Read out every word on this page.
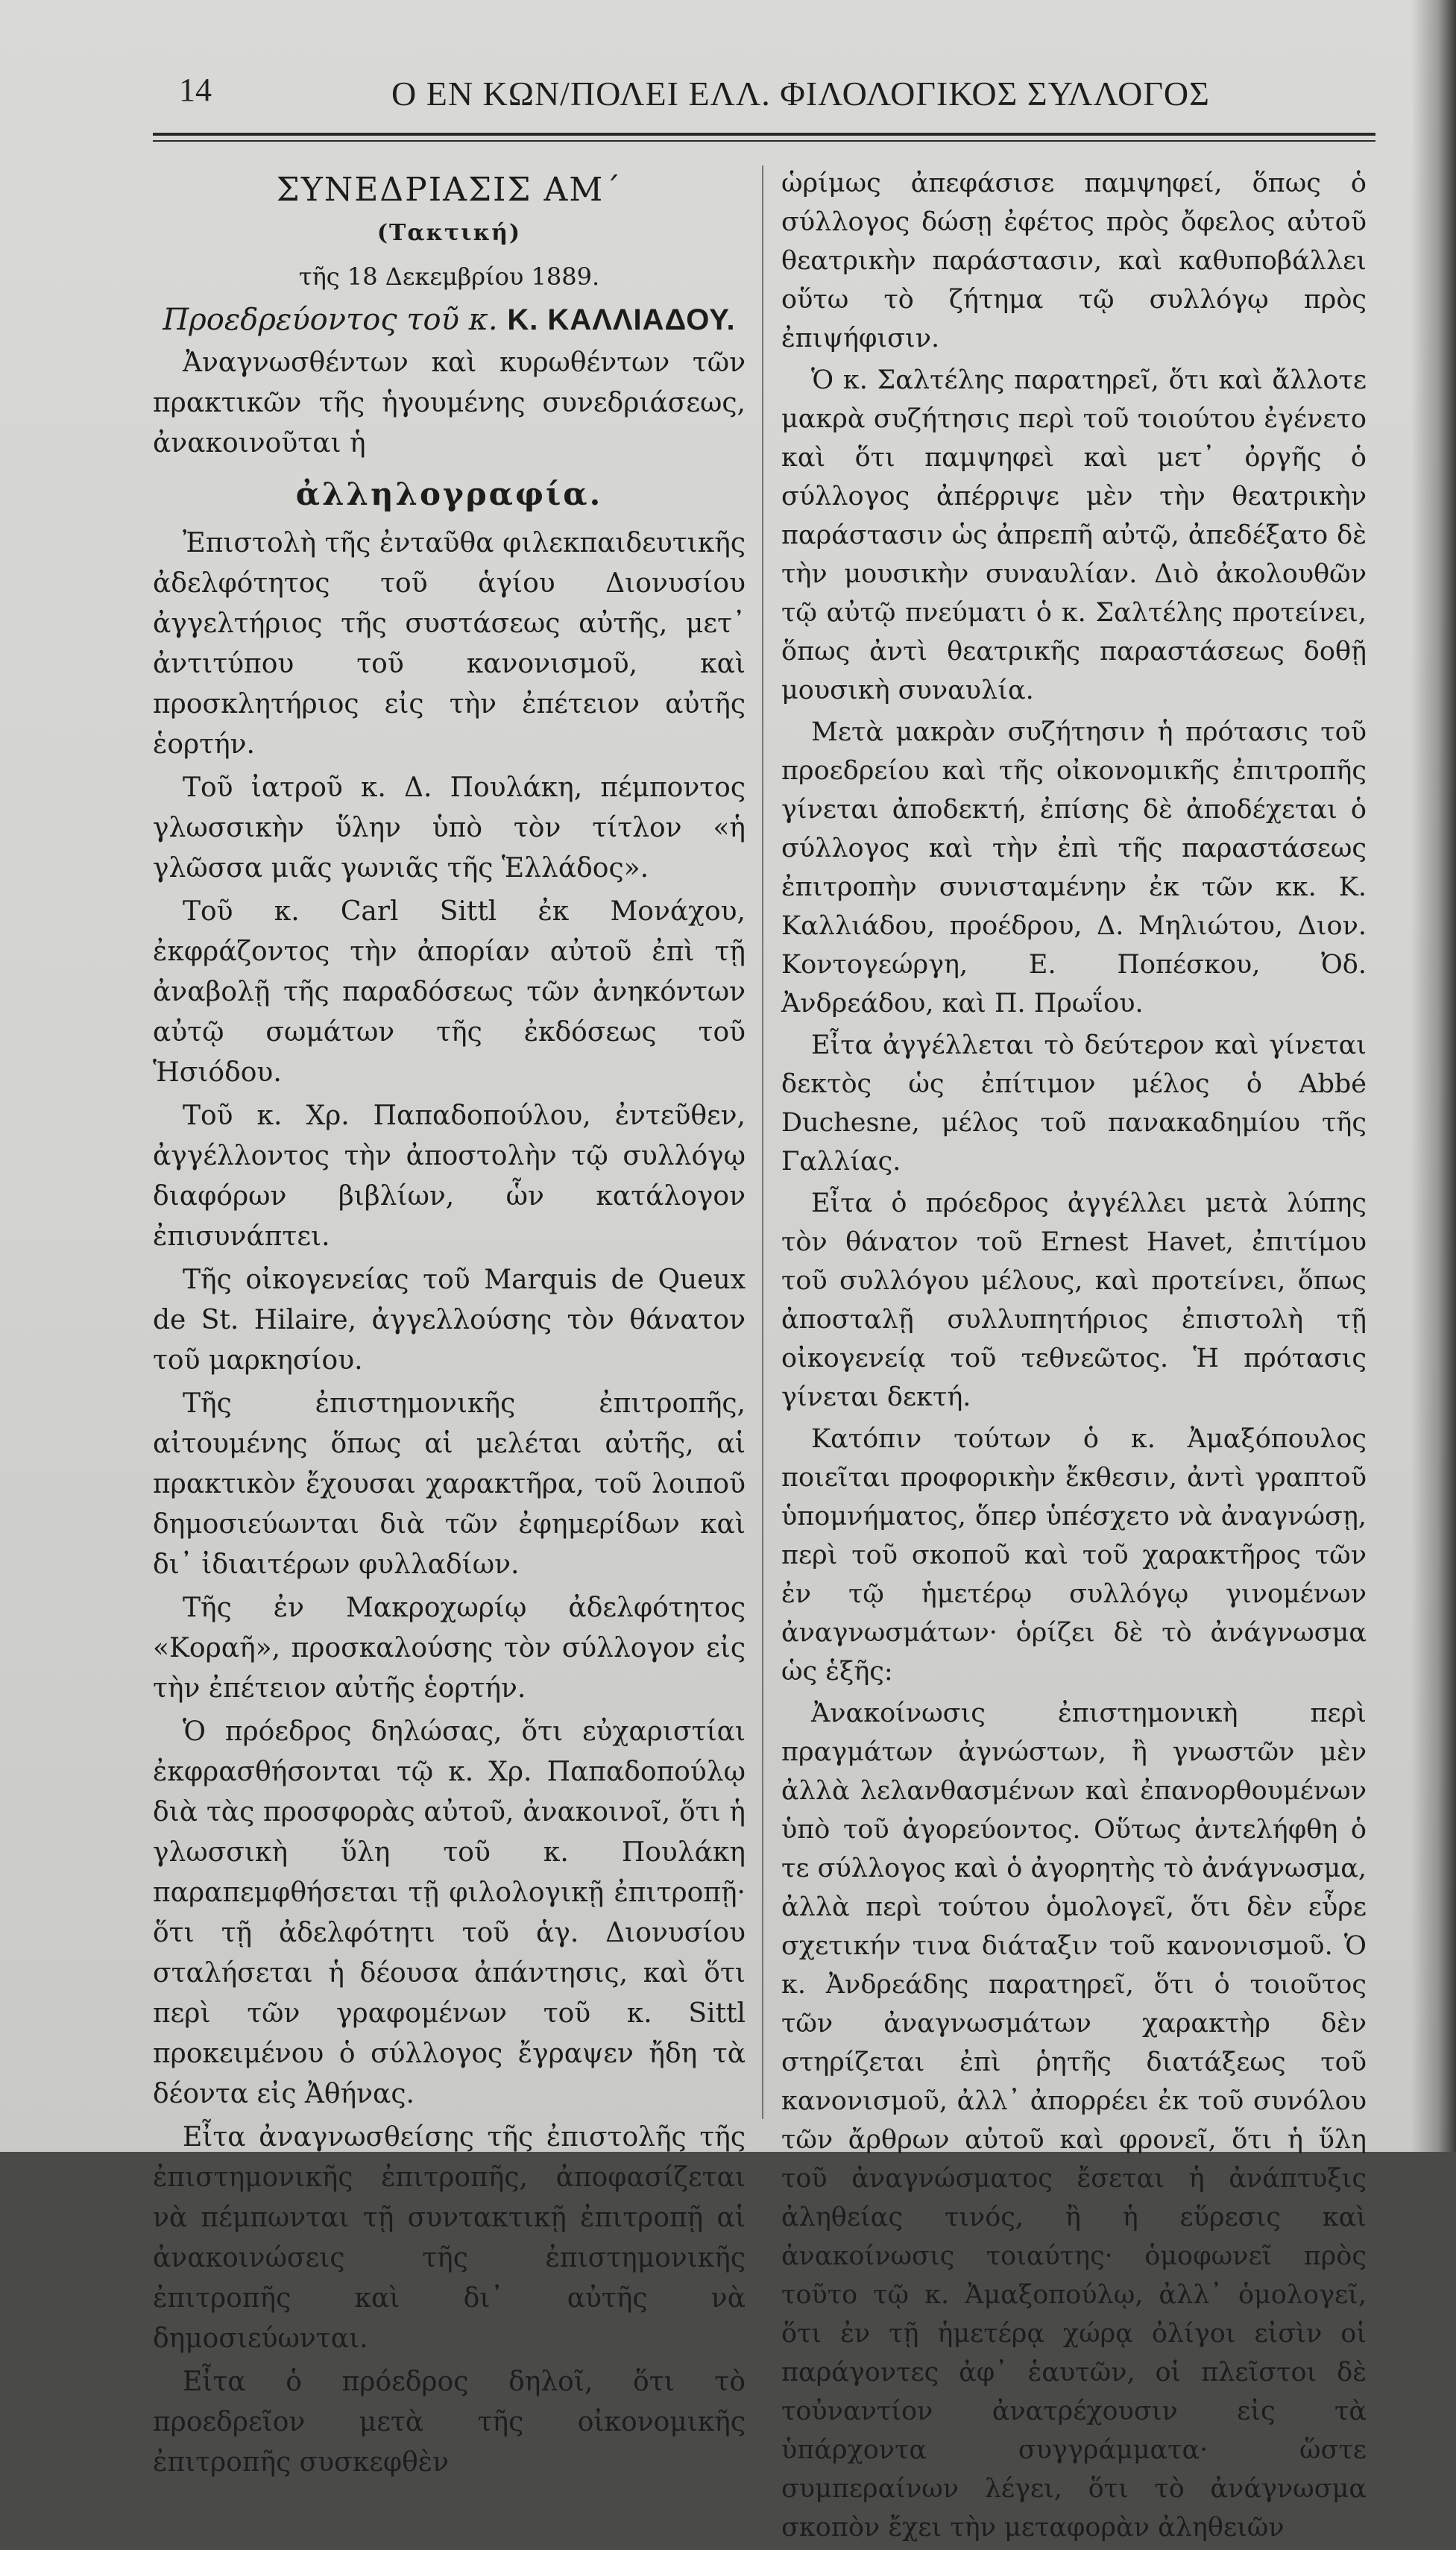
14	Ο ΕΝ ΚΩΝ/ΠΟΛΕΙ ΕΛΛ. ΦΙΛΟΛΟΓΙΚΟΣ ΣΥΛΛΟΓΟΣ

ΣΥΝΕΔΡΙΑΣΙΣ ΑΜ΄

(Τακτική)

τῆς 18 Δεκεμβρίου 1889.

Προεδρεύοντος τοῦ κ. Κ. ΚΑΛΛΙΑΔΟΥ.

Ἀναγνωσθέντων καὶ κυρωθέντων τῶν πρακτικῶν τῆς ἡγουμένης συνεδριάσεως, ἀνακοινοῦται ἡ

ἀλληλογραφία.

Ἐπιστολὴ τῆς ἐνταῦθα φιλεκπαιδευτικῆς ἀδελφότητος τοῦ ἁγίου Διονυσίου ἀγγελτήριος τῆς συστάσεως αὐτῆς, μετ᾽ ἀντιτύπου τοῦ κανονισμοῦ, καὶ προσκλητήριος εἰς τὴν ἐπέτειον αὐτῆς ἑορτήν.

Τοῦ ἰατροῦ κ. Δ. Πουλάκη, πέμποντος γλωσσικὴν ὕλην ὑπὸ τὸν τίτλον «ἡ γλῶσσα μιᾶς γωνιᾶς τῆς Ἑλλάδος».

Τοῦ κ. Carl Sittl ἐκ Μονάχου, ἐκφράζοντος τὴν ἀπορίαν αὐτοῦ ἐπὶ τῇ ἀναβολῇ τῆς παραδόσεως τῶν ἀνηκόντων αὐτῷ σωμάτων τῆς ἐκδόσεως τοῦ Ἡσιόδου.

Τοῦ κ. Χρ. Παπαδοπούλου, ἐντεῦθεν, ἀγγέλλοντος τὴν ἀποστολὴν τῷ συλλόγῳ διαφόρων βιβλίων, ὧν κατάλογον ἐπισυνάπτει.

Τῆς οἰκογενείας τοῦ Marquis de Queux de St. Hilaire, ἀγγελλούσης τὸν θάνατον τοῦ μαρκησίου.

Τῆς ἐπιστημονικῆς ἐπιτροπῆς, αἰτουμένης ὅπως αἱ μελέται αὐτῆς, αἱ πρακτικὸν ἔχουσαι χαρακτῆρα, τοῦ λοιποῦ δημοσιεύωνται διὰ τῶν ἐφημερίδων καὶ δι᾽ ἰδιαιτέρων φυλλαδίων.

Τῆς ἐν Μακροχωρίῳ ἀδελφότητος «Κοραῆ», προσκαλούσης τὸν σύλλογον εἰς τὴν ἐπέτειον αὐτῆς ἑορτήν.

Ὁ πρόεδρος δηλώσας, ὅτι εὐχαριστίαι ἐκφρασθήσονται τῷ κ. Χρ. Παπαδοπούλῳ διὰ τὰς προσφορὰς αὐτοῦ, ἀνακοινοῖ, ὅτι ἡ γλωσσικὴ ὕλη τοῦ κ. Πουλάκη παραπεμφθήσεται τῇ φιλολογικῇ ἐπιτροπῇ· ὅτι τῇ ἀδελφότητι τοῦ ἁγ. Διονυσίου σταλήσεται ἡ δέουσα ἀπάντησις, καὶ ὅτι περὶ τῶν γραφομένων τοῦ κ. Sittl προκειμένου ὁ σύλλογος ἔγραψεν ἤδη τὰ δέοντα εἰς Ἀθήνας.

Εἶτα ἀναγνωσθείσης τῆς ἐπιστολῆς τῆς ἐπιστημονικῆς ἐπιτροπῆς, ἀποφασίζεται νὰ πέμπωνται τῇ συντακτικῇ ἐπιτροπῇ αἱ ἀνακοινώσεις τῆς ἐπιστημονικῆς ἐπιτροπῆς καὶ δι᾽ αὐτῆς νὰ δημοσιεύωνται.

Εἶτα ὁ πρόεδρος δηλοῖ, ὅτι τὸ προεδρεῖον μετὰ τῆς οἰκονομικῆς ἐπιτροπῆς συσκεφθὲν

ὡρίμως ἀπεφάσισε παμψηφεί, ὅπως ὁ σύλλογος δώσῃ ἐφέτος πρὸς ὄφελος αὐτοῦ θεατρικὴν παράστασιν, καὶ καθυποβάλλει οὕτω τὸ ζήτημα τῷ συλλόγῳ πρὸς ἐπιψήφισιν.

Ὁ κ. Σαλτέλης παρατηρεῖ, ὅτι καὶ ἄλλοτε μακρὰ συζήτησις περὶ τοῦ τοιούτου ἐγένετο καὶ ὅτι παμψηφεὶ καὶ μετ᾽ ὀργῆς ὁ σύλλογος ἀπέρριψε μὲν τὴν θεατρικὴν παράστασιν ὡς ἀπρεπῆ αὐτῷ, ἀπεδέξατο δὲ τὴν μουσικὴν συναυλίαν. Διὸ ἀκολουθῶν τῷ αὐτῷ πνεύματι ὁ κ. Σαλτέλης προτείνει, ὅπως ἀντὶ θεατρικῆς παραστάσεως δοθῇ μουσικὴ συναυλία.

Μετὰ μακρὰν συζήτησιν ἡ πρότασις τοῦ προεδρείου καὶ τῆς οἰκονομικῆς ἐπιτροπῆς γίνεται ἀποδεκτή, ἐπίσης δὲ ἀποδέχεται ὁ σύλλογος καὶ τὴν ἐπὶ τῆς παραστάσεως ἐπιτροπὴν συνισταμένην ἐκ τῶν κκ. Κ. Καλλιάδου, προέδρου, Δ. Μηλιώτου, Διον. Κοντογεώργη, Ε. Ποπέσκου, Ὀδ. Ἀνδρεάδου, καὶ Π. Πρωΐου.

Εἶτα ἀγγέλλεται τὸ δεύτερον καὶ γίνεται δεκτὸς ὡς ἐπίτιμον μέλος ὁ Abbé Duchesne, μέλος τοῦ πανακαδημίου τῆς Γαλλίας.

Εἶτα ὁ πρόεδρος ἀγγέλλει μετὰ λύπης τὸν θάνατον τοῦ Ernest Havet, ἐπιτίμου τοῦ συλλόγου μέλους, καὶ προτείνει, ὅπως ἀποσταλῇ συλλυπητήριος ἐπιστολὴ τῇ οἰκογενείᾳ τοῦ τεθνεῶτος. Ἡ πρότασις γίνεται δεκτή.

Κατόπιν τούτων ὁ κ. Ἀμαξόπουλος ποιεῖται προφορικὴν ἔκθεσιν, ἀντὶ γραπτοῦ ὑπομνήματος, ὅπερ ὑπέσχετο νὰ ἀναγνώσῃ, περὶ τοῦ σκοποῦ καὶ τοῦ χαρακτῆρος τῶν ἐν τῷ ἡμετέρῳ συλλόγῳ γινομένων ἀναγνωσμάτων· ὁρίζει δὲ τὸ ἀνάγνωσμα ὡς ἑξῆς:

Ἀνακοίνωσις ἐπιστημονικὴ περὶ πραγμάτων ἀγνώστων, ἢ γνωστῶν μὲν ἀλλὰ λελανθασμένων καὶ ἐπανορθουμένων ὑπὸ τοῦ ἀγορεύοντος. Οὕτως ἀντελήφθη ὁ τε σύλλογος καὶ ὁ ἀγορητὴς τὸ ἀνάγνωσμα, ἀλλὰ περὶ τούτου ὁμολογεῖ, ὅτι δὲν εὗρε σχετικήν τινα διάταξιν τοῦ κανονισμοῦ. Ὁ κ. Ἀνδρεάδης παρατηρεῖ, ὅτι ὁ τοιοῦτος τῶν ἀναγνωσμάτων χαρακτὴρ δὲν στηρίζεται ἐπὶ ῥητῆς διατάξεως τοῦ κανονισμοῦ, ἀλλ᾽ ἀπορρέει ἐκ τοῦ συνόλου τῶν ἄρθρων αὐτοῦ καὶ φρονεῖ, ὅτι ἡ ὕλη τοῦ ἀναγνώσματος ἔσεται ἡ ἀνάπτυξις ἀληθείας τινός, ἢ ἡ εὕρεσις καὶ ἀνακοίνωσις τοιαύτης· ὁμοφωνεῖ πρὸς τοῦτο τῷ κ. Ἀμαξοπούλῳ, ἀλλ᾽ ὁμολογεῖ, ὅτι ἐν τῇ ἡμετέρᾳ χώρᾳ ὀλίγοι εἰσὶν οἱ παράγοντες ἀφ᾽ ἑαυτῶν, οἱ πλεῖστοι δὲ τοὐναντίον ἀνατρέχουσιν εἰς τὰ ὑπάρχοντα συγγράμματα· ὥστε συμπεραίνων λέγει, ὅτι τὸ ἀνάγνωσμα σκοπὸν ἔχει τὴν μεταφορὰν ἀληθειῶν
